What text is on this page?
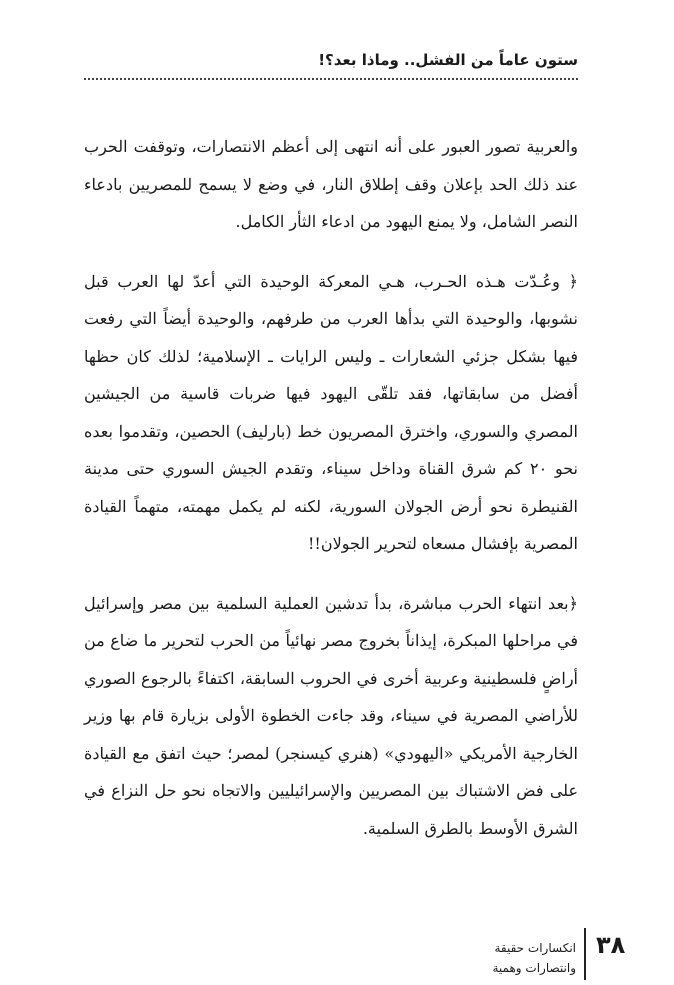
ستون عاماً من الفشل.. وماذا بعد؟!

والعربية تصور العبور على أنه انتهى إلى أعظم الانتصارات، وتوقفت الحرب عند ذلك الحد بإعلان وقف إطلاق النار، في وضع لا يسمح للمصريين بادعاء النصر الشامل، ولا يمنع اليهود من ادعاء الثأر الكامل.

﴿ وعُـدّت هـذه الحـرب، هـي المعركة الوحيدة التي أعدّ لها العرب قبل نشوبها، والوحيدة التي بدأها العرب من طرفهم، والوحيدة أيضاً التي رفعت فيها بشكل جزئي الشعارات ـ وليس الرايات ـ الإسلامية؛ لذلك كان حظها أفضل من سابقاتها، فقد تلقّى اليهود فيها ضربات قاسية من الجيشين المصري والسوري، واخترق المصريون خط (بارليف) الحصين، وتقدموا بعده نحو ٢٠ كم شرق القناة وداخل سيناء، وتقدم الجيش السوري حتى مدينة القنيطرة نحو أرض الجولان السورية، لكنه لم يكمل مهمته، متهماً القيادة المصرية بإفشال مسعاه لتحرير الجولان!!

﴿بعد انتهاء الحرب مباشرة، بدأ تدشين العملية السلمية بين مصر وإسرائيل في مراحلها المبكرة، إيذاناً بخروج مصر نهائياً من الحرب لتحرير ما ضاع من أراضٍ فلسطينية وعربية أخرى في الحروب السابقة، اكتفاءً بالرجوع الصوري للأراضي المصرية في سيناء، وقد جاءت الخطوة الأولى بزيارة قام بها وزير الخارجية الأمريكي «اليهودي» (هنري كيسنجر) لمصر؛ حيث اتفق مع القيادة على فض الاشتباك بين المصريين والإسرائيليين والاتجاه نحو حل النزاع في الشرق الأوسط بالطرق السلمية.

٣٨
انكسارات حقيقة
وانتصارات وهمية
